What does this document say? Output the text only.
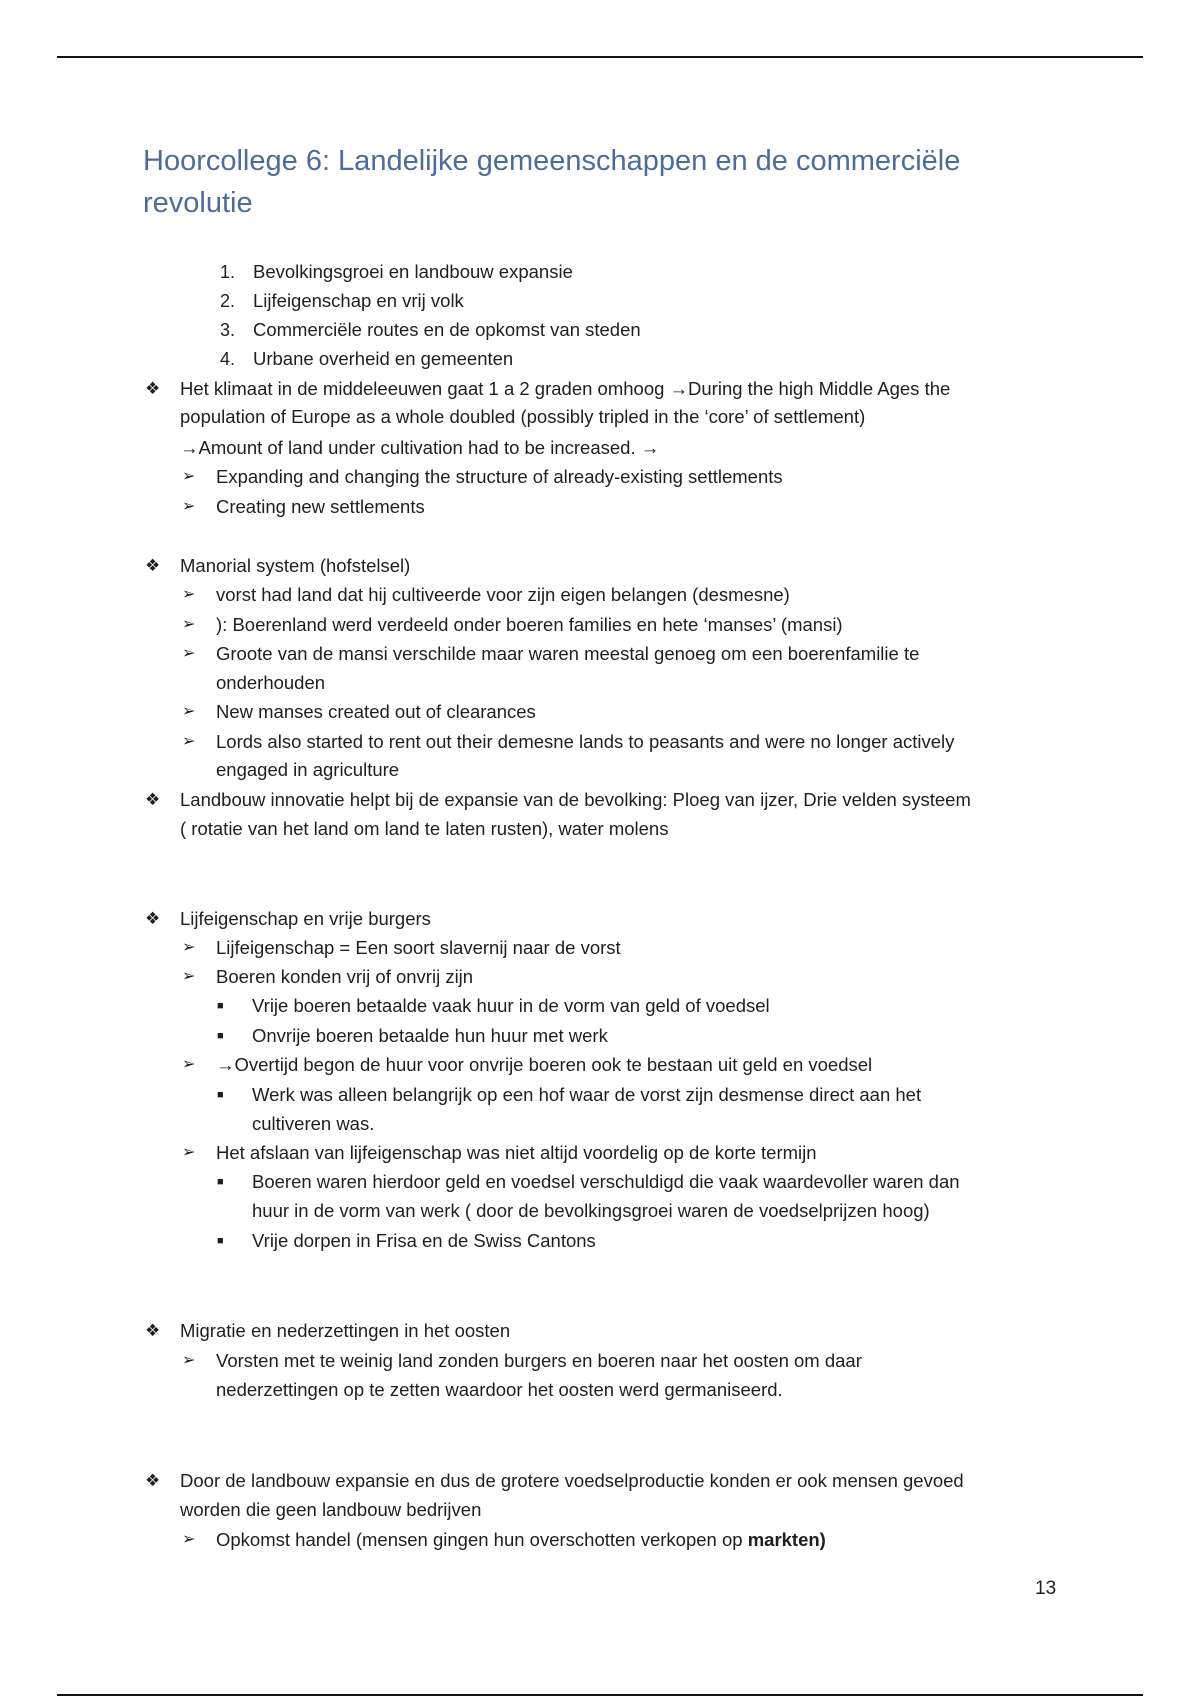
Hoorcollege 6: Landelijke gemeenschappen en de commerciële revolutie
1. Bevolkingsgroei en landbouw expansie
2. Lijfeigenschap en vrij volk
3. Commerciële routes en de opkomst van steden
4. Urbane overheid en gemeenten
❖ Het klimaat in de middeleeuwen gaat 1 a 2 graden omhoog →During the high Middle Ages the
population of Europe as a whole doubled (possibly tripled in the ‘core’ of settlement)
→Amount of land under cultivation had to be increased. →
➢ Expanding and changing the structure of already-existing settlements
➢ Creating new settlements
❖ Manorial system (hofstelsel)
➢ vorst had land dat hij cultiveerde voor zijn eigen belangen (desmesne)
➢ ): Boerenland werd verdeeld onder boeren families en hete ‘manses’ (mansi)
➢ Groote van de mansi verschilde maar waren meestal genoeg om een boerenfamilie te
onderhouden
➢ New manses created out of clearances
➢ Lords also started to rent out their demesne lands to peasants and were no longer actively
engaged in agriculture
❖ Landbouw innovatie helpt bij de expansie van de bevolking: Ploeg van ijzer, Drie velden systeem
( rotatie van het land om land te laten rusten), water molens
❖ Lijfeigenschap en vrije burgers
➢ Lijfeigenschap = Een soort slavernij naar de vorst
➢ Boeren konden vrij of onvrij zijn
■ Vrije boeren betaalde vaak huur in de vorm van geld of voedsel
■ Onvrije boeren betaalde hun huur met werk
➢ →Overtijd begon de huur voor onvrije boeren ook te bestaan uit geld en voedsel
■ Werk was alleen belangrijk op een hof waar de vorst zijn desmense direct aan het
cultiveren was.
➢ Het afslaan van lijfeigenschap was niet altijd voordelig op de korte termijn
■ Boeren waren hierdoor geld en voedsel verschuldigd die vaak waardevoller waren dan
huur in de vorm van werk ( door de bevolkingsgroei waren de voedselprijzen hoog)
■ Vrije dorpen in Frisa en de Swiss Cantons
❖ Migratie en nederzettingen in het oosten
➢ Vorsten met te weinig land zonden burgers en boeren naar het oosten om daar
nederzettingen op te zetten waardoor het oosten werd germaniseerd.
❖ Door de landbouw expansie en dus de grotere voedselproductie konden er ook mensen gevoed
worden die geen landbouw bedrijven
➢ Opkomst handel (mensen gingen hun overschotten verkopen op markten)
13
